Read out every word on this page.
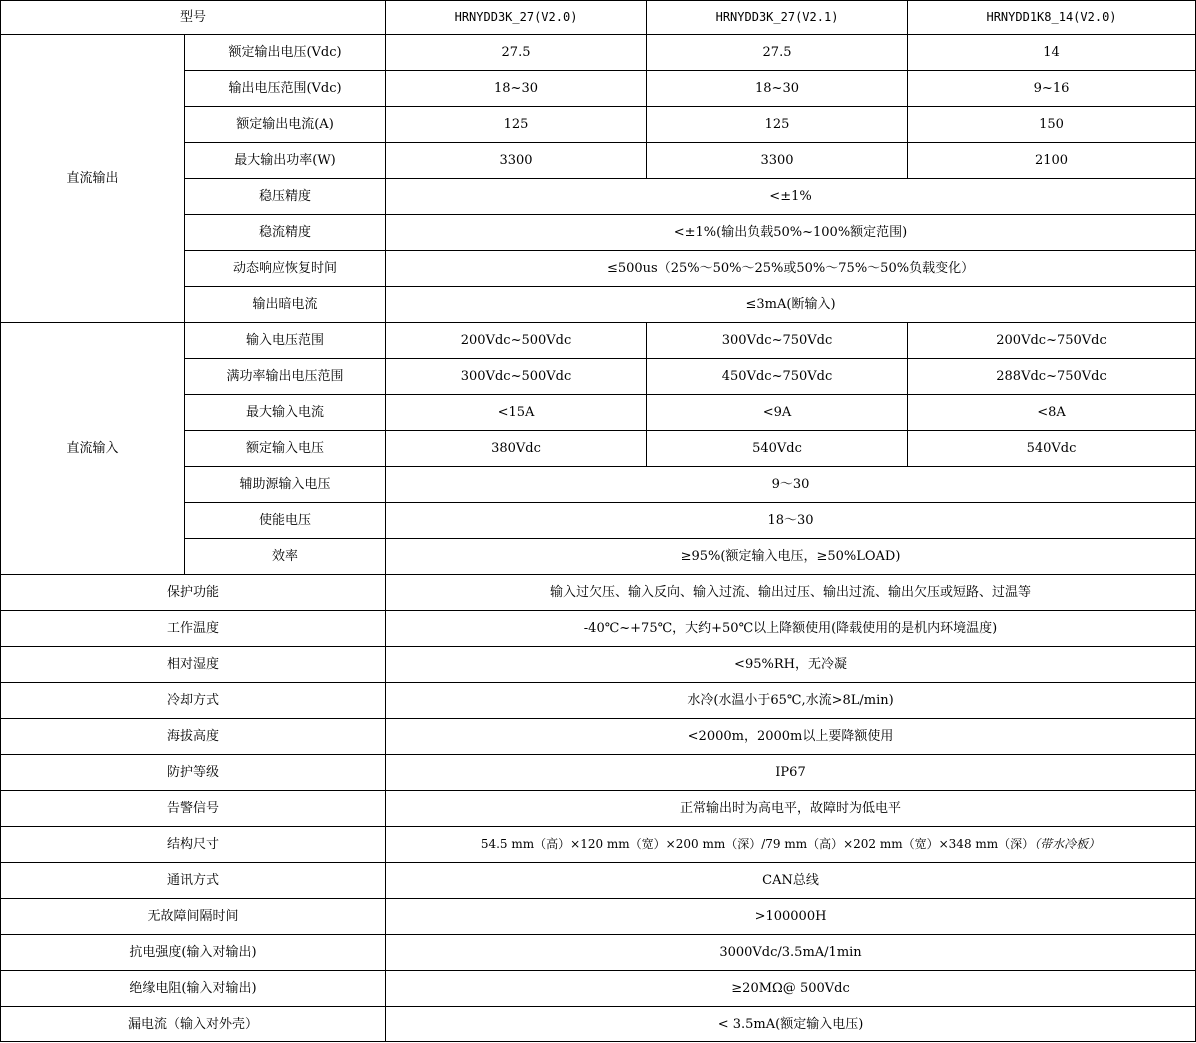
型号		HRNYDD3K_27(V2.0)	HRNYDD3K_27(V2.1)	HRNYDD1K8_14(V2.0)
直流输出	额定输出电压(Vdc)	27.5	27.5	14
	输出电压范围(Vdc)	18~30	18~30	9~16
	额定输出电流(A)	125	125	150
	最大输出功率(W)	3300	3300	2100
	稳压精度	<±1%		
	稳流精度	<±1%(输出负载50%~100%额定范围)		
	动态响应恢复时间	≤500us（25%～50%～25%或50%～75%～50%负载变化）		
	输出暗电流	≤3mA(断输入)		
直流输入	输入电压范围	200Vdc~500Vdc	300Vdc~750Vdc	200Vdc~750Vdc
	满功率输出电压范围	300Vdc~500Vdc	450Vdc~750Vdc	288Vdc~750Vdc
	最大输入电流	<15A	<9A	<8A
	额定输入电压	380Vdc	540Vdc	540Vdc
	辅助源输入电压	9～30		
	使能电压	18～30		
	效率	≥95%(额定输入电压，≥50%LOAD)		
保护功能		输入过欠压、输入反向、输入过流、输出过压、输出过流、输出欠压或短路、过温等		
工作温度		-40℃~+75℃，大约+50℃以上降额使用(降载使用的是机内环境温度)		
相对湿度		<95%RH，无冷凝		
冷却方式		水冷(水温小于65℃,水流>8L/min)		
海拔高度		<2000m，2000m以上要降额使用		
防护等级		IP67		
告警信号		正常输出时为高电平，故障时为低电平		
结构尺寸		54.5 mm（高）×120 mm（宽）×200 mm（深）/79 mm（高）×202 mm（宽）×348 mm（深）（带水冷板）		
通讯方式		CAN总线		
无故障间隔时间		>100000H		
抗电强度(输入对输出)		3000Vdc/3.5mA/1min		
绝缘电阻(输入对输出)		≥20MΩ@ 500Vdc		
漏电流（输入对外壳）		< 3.5mA(额定输入电压)		
